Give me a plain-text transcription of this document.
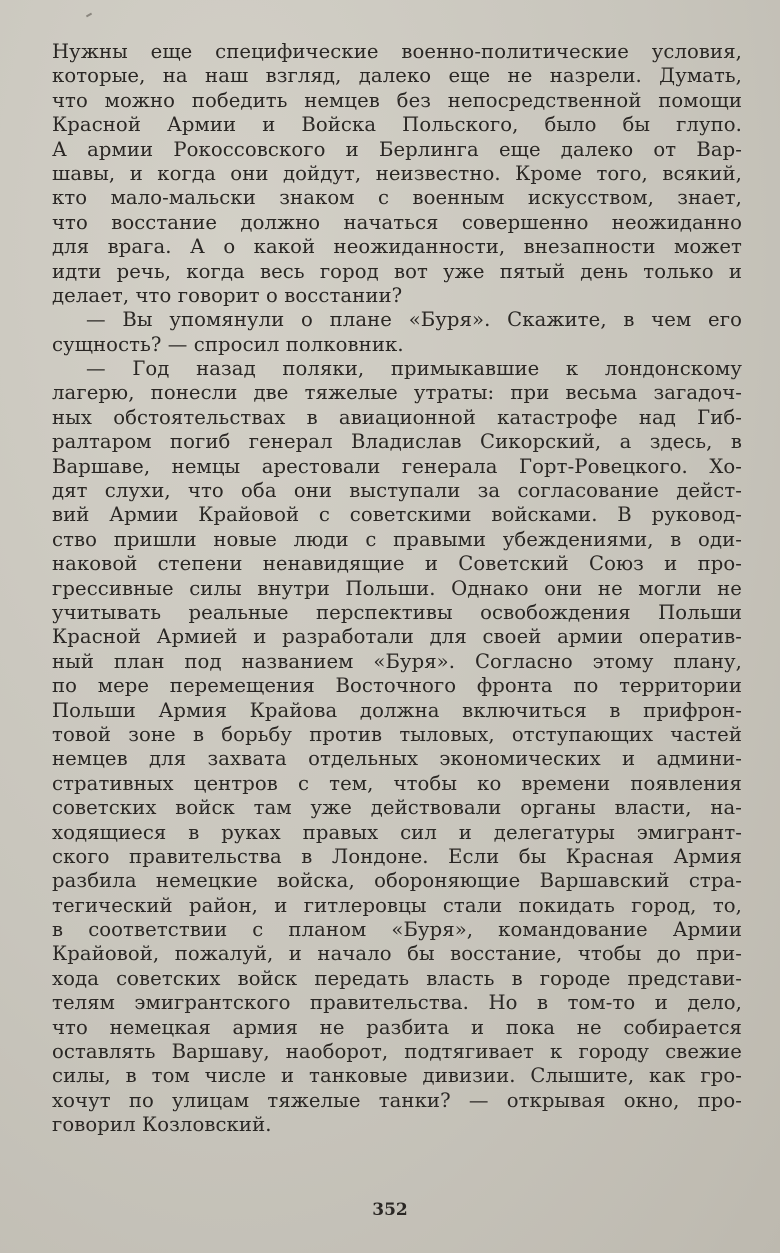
Нужны еще специфические военно-политические условия,
которые, на наш взгляд, далеко еще не назрели. Думать,
что можно победить немцев без непосредственной помощи
Красной Армии и Войска Польского, было бы глупо.
А армии Рокоссовского и Берлинга еще далеко от Вар-
шавы, и когда они дойдут, неизвестно. Кроме того, всякий,
кто мало-мальски знаком с военным искусством, знает,
что восстание должно начаться совершенно неожиданно
для врага. А о какой неожиданности, внезапности может
идти речь, когда весь город вот уже пятый день только и
делает, что говорит о восстании?
— Вы упомянули о плане «Буря». Скажите, в чем его
сущность? — спросил полковник.
— Год назад поляки, примыкавшие к лондонскому
лагерю, понесли две тяжелые утраты: при весьма загадоч-
ных обстоятельствах в авиационной катастрофе над Гиб-
ралтаром погиб генерал Владислав Сикорский, а здесь, в
Варшаве, немцы арестовали генерала Горт-Ровецкого. Хо-
дят слухи, что оба они выступали за согласование дейст-
вий Армии Крайовой с советскими войсками. В руковод-
ство пришли новые люди с правыми убеждениями, в оди-
наковой степени ненавидящие и Советский Союз и про-
грессивные силы внутри Польши. Однако они не могли не
учитывать реальные перспективы освобождения Польши
Красной Армией и разработали для своей армии оператив-
ный план под названием «Буря». Согласно этому плану,
по мере перемещения Восточного фронта по территории
Польши Армия Крайова должна включиться в прифрон-
товой зоне в борьбу против тыловых, отступающих частей
немцев для захвата отдельных экономических и админи-
стративных центров с тем, чтобы ко времени появления
советских войск там уже действовали органы власти, на-
ходящиеся в руках правых сил и делегатуры эмигрант-
ского правительства в Лондоне. Если бы Красная Армия
разбила немецкие войска, обороняющие Варшавский стра-
тегический район, и гитлеровцы стали покидать город, то,
в соответствии с планом «Буря», командование Армии
Крайовой, пожалуй, и начало бы восстание, чтобы до при-
хода советских войск передать власть в городе представи-
телям эмигрантского правительства. Но в том-то и дело,
что немецкая армия не разбита и пока не собирается
оставлять Варшаву, наоборот, подтягивает к городу свежие
силы, в том числе и танковые дивизии. Слышите, как гро-
хочут по улицам тяжелые танки? — открывая окно, про-
говорил Козловский.
352
